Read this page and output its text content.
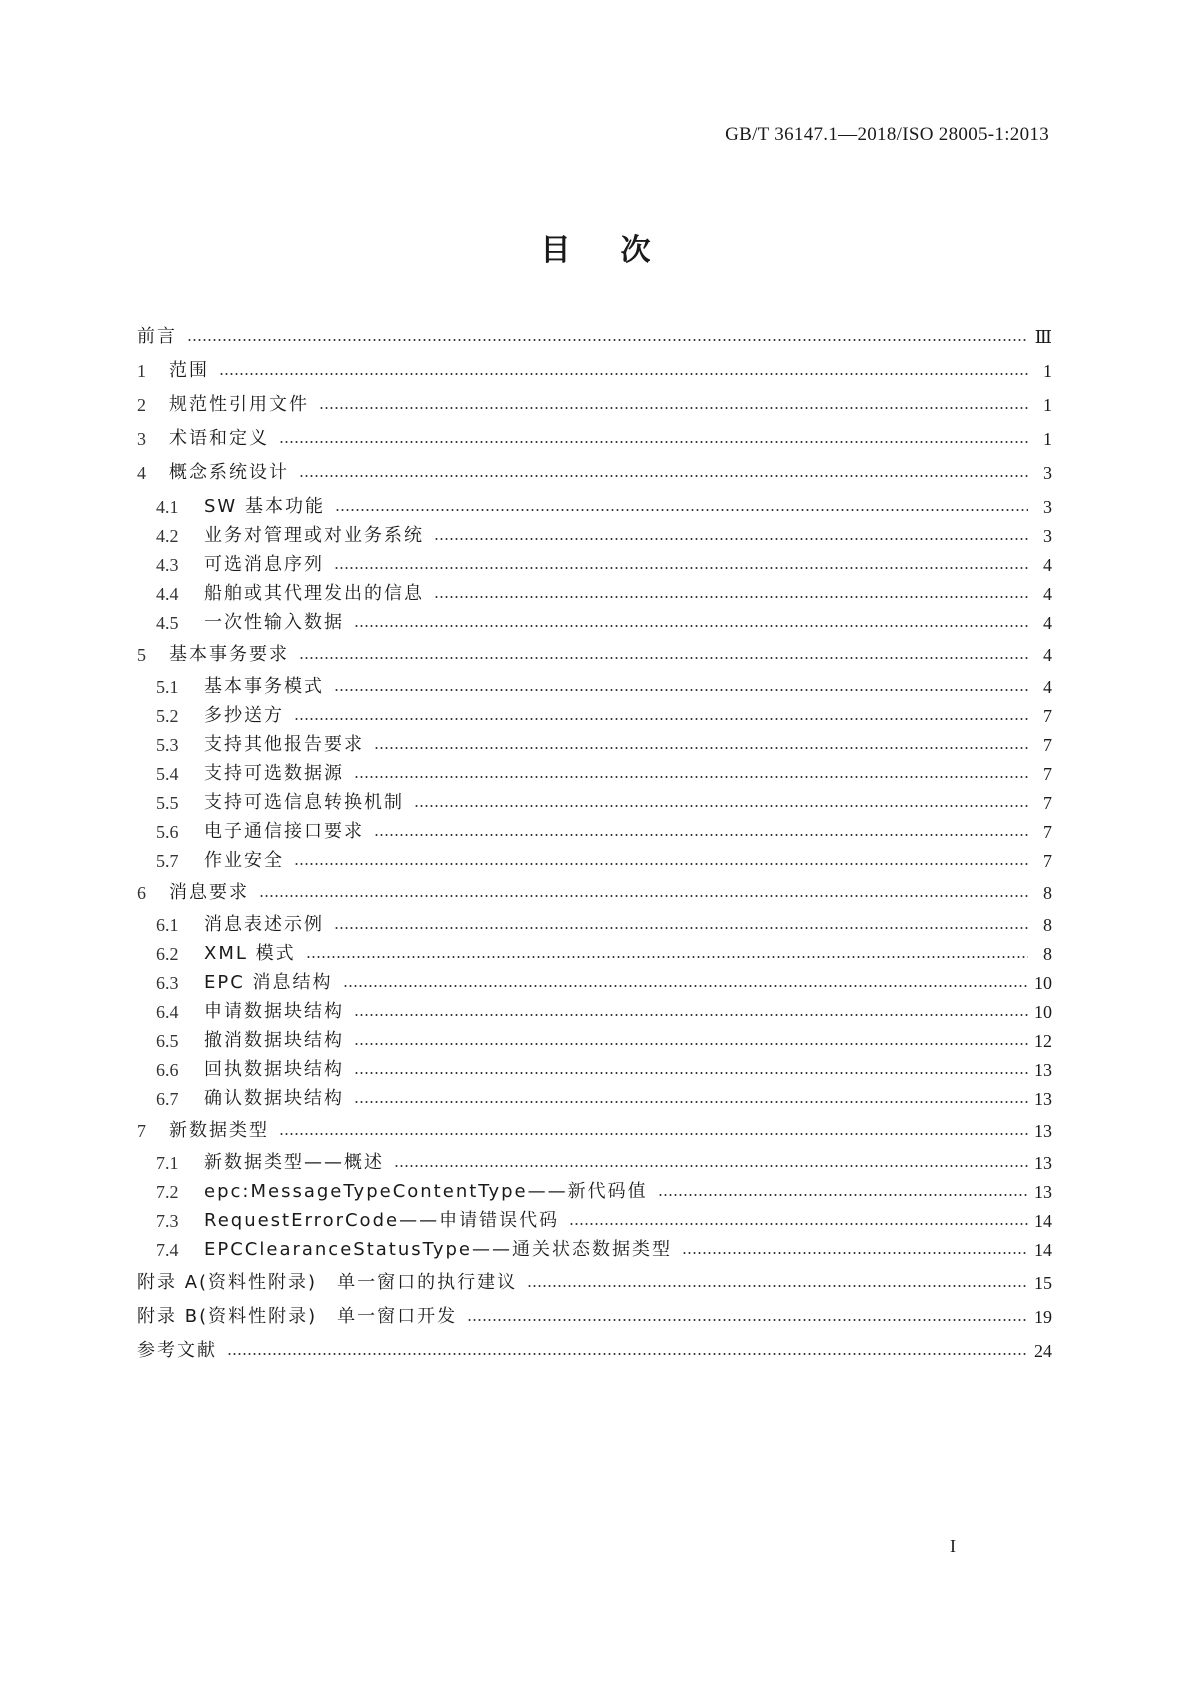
GB/T 36147.1—2018/ISO 28005-1:2013
目次
前言	Ⅲ
1	范围	1
2	规范性引用文件	1
3	术语和定义	1
4	概念系统设计	3
4.1	SW 基本功能	3
4.2	业务对管理或对业务系统	3
4.3	可选消息序列	4
4.4	船舶或其代理发出的信息	4
4.5	一次性输入数据	4
5	基本事务要求	4
5.1	基本事务模式	4
5.2	多抄送方	7
5.3	支持其他报告要求	7
5.4	支持可选数据源	7
5.5	支持可选信息转换机制	7
5.6	电子通信接口要求	7
5.7	作业安全	7
6	消息要求	8
6.1	消息表述示例	8
6.2	XML 模式	8
6.3	EPC 消息结构	10
6.4	申请数据块结构	10
6.5	撤消数据块结构	12
6.6	回执数据块结构	13
6.7	确认数据块结构	13
7	新数据类型	13
7.1	新数据类型——概述	13
7.2	epc:MessageTypeContentType——新代码值	13
7.3	RequestErrorCode——申请错误代码	14
7.4	EPCClearanceStatusType——通关状态数据类型	14
附录 A(资料性附录)　单一窗口的执行建议	15
附录 B(资料性附录)　单一窗口开发	19
参考文献	24
I
